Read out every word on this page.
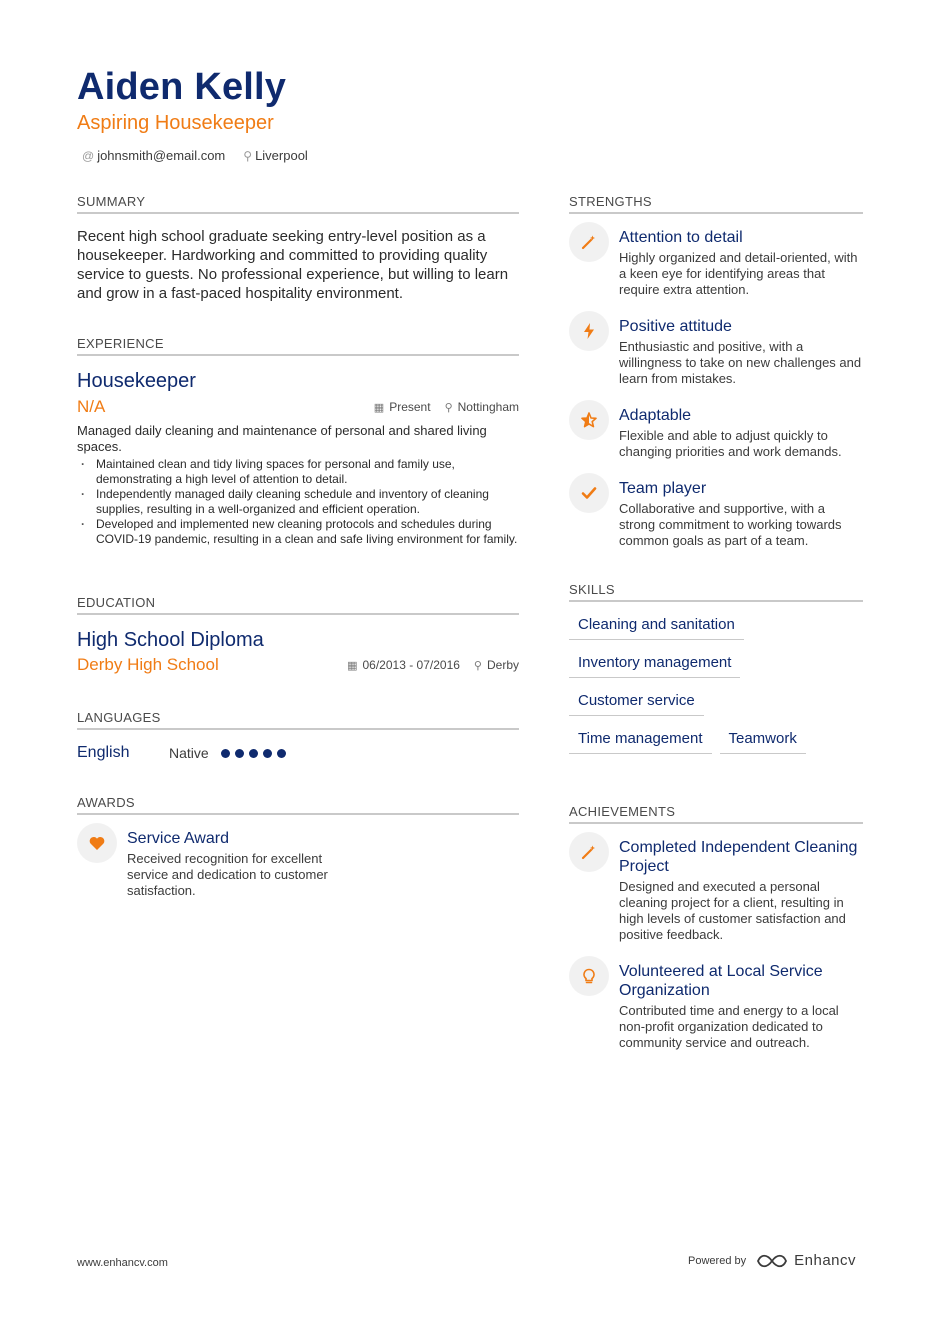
Aiden Kelly
Aspiring Housekeeper
@ johnsmith@email.com ⚲ Liverpool
SUMMARY
Recent high school graduate seeking entry-level position as a housekeeper. Hardworking and committed to providing quality service to guests. No professional experience, but willing to learn and grow in a fast-paced hospitality environment.
EXPERIENCE
Housekeeper
N/A	▦ Present ⚲ Nottingham
Managed daily cleaning and maintenance of personal and shared living spaces.
· Maintained clean and tidy living spaces for personal and family use, demonstrating a high level of attention to detail.
· Independently managed daily cleaning schedule and inventory of cleaning supplies, resulting in a well-organized and efficient operation.
· Developed and implemented new cleaning protocols and schedules during COVID-19 pandemic, resulting in a clean and safe living environment for family.
EDUCATION
High School Diploma
Derby High School	▦ 06/2013 - 07/2016 ⚲ Derby
LANGUAGES
English	Native
AWARDS
Service Award
Received recognition for excellent service and dedication to customer satisfaction.
STRENGTHS
Attention to detail
Highly organized and detail-oriented, with a keen eye for identifying areas that require extra attention.
Positive attitude
Enthusiastic and positive, with a willingness to take on new challenges and learn from mistakes.
Adaptable
Flexible and able to adjust quickly to changing priorities and work demands.
Team player
Collaborative and supportive, with a strong commitment to working towards common goals as part of a team.
SKILLS
Cleaning and sanitation
Inventory management
Customer service
Time management Teamwork
ACHIEVEMENTS
Completed Independent Cleaning Project
Designed and executed a personal cleaning project for a client, resulting in high levels of customer satisfaction and positive feedback.
Volunteered at Local Service Organization
Contributed time and energy to a local non-profit organization dedicated to community service and outreach.
www.enhancv.com	Powered by	Enhancv
